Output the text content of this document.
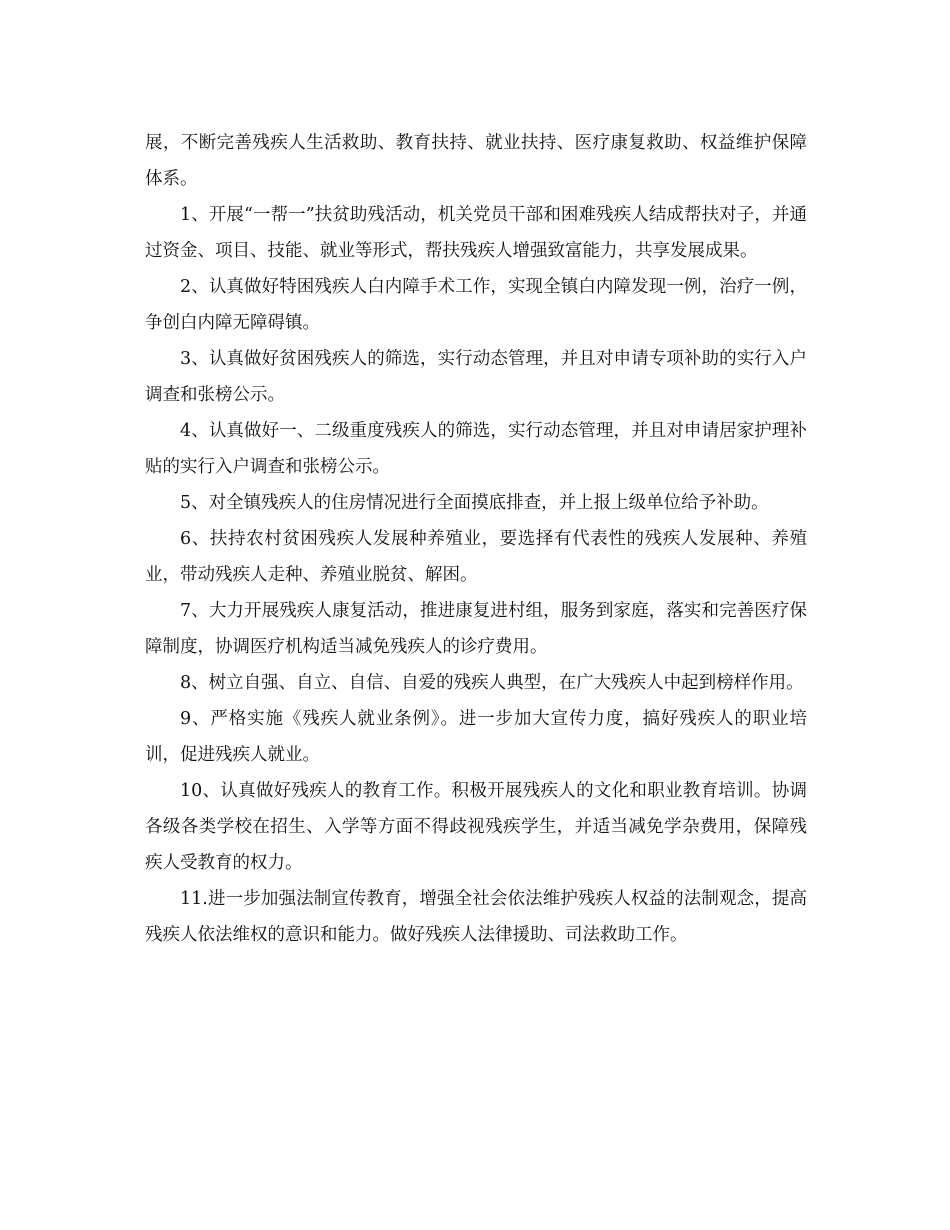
展，不断完善残疾人生活救助、教育扶持、就业扶持、医疗康复救助、权益维护保障体系。

1、开展“一帮一”扶贫助残活动，机关党员干部和困难残疾人结成帮扶对子，并通过资金、项目、技能、就业等形式，帮扶残疾人增强致富能力，共享发展成果。

2、认真做好特困残疾人白内障手术工作，实现全镇白内障发现一例，治疗一例，争创白内障无障碍镇。

3、认真做好贫困残疾人的筛选，实行动态管理，并且对申请专项补助的实行入户调查和张榜公示。

4、认真做好一、二级重度残疾人的筛选，实行动态管理，并且对申请居家护理补贴的实行入户调查和张榜公示。

5、对全镇残疾人的住房情况进行全面摸底排查，并上报上级单位给予补助。

6、扶持农村贫困残疾人发展种养殖业，要选择有代表性的残疾人发展种、养殖业，带动残疾人走种、养殖业脱贫、解困。

7、大力开展残疾人康复活动，推进康复进村组，服务到家庭，落实和完善医疗保障制度，协调医疗机构适当减免残疾人的诊疗费用。

8、树立自强、自立、自信、自爱的残疾人典型，在广大残疾人中起到榜样作用。

9、严格实施《残疾人就业条例》。进一步加大宣传力度，搞好残疾人的职业培训，促进残疾人就业。

10、认真做好残疾人的教育工作。积极开展残疾人的文化和职业教育培训。协调各级各类学校在招生、入学等方面不得歧视残疾学生，并适当减免学杂费用，保障残疾人受教育的权力。

11.进一步加强法制宣传教育，增强全社会依法维护残疾人权益的法制观念，提高残疾人依法维权的意识和能力。做好残疾人法律援助、司法救助工作。
